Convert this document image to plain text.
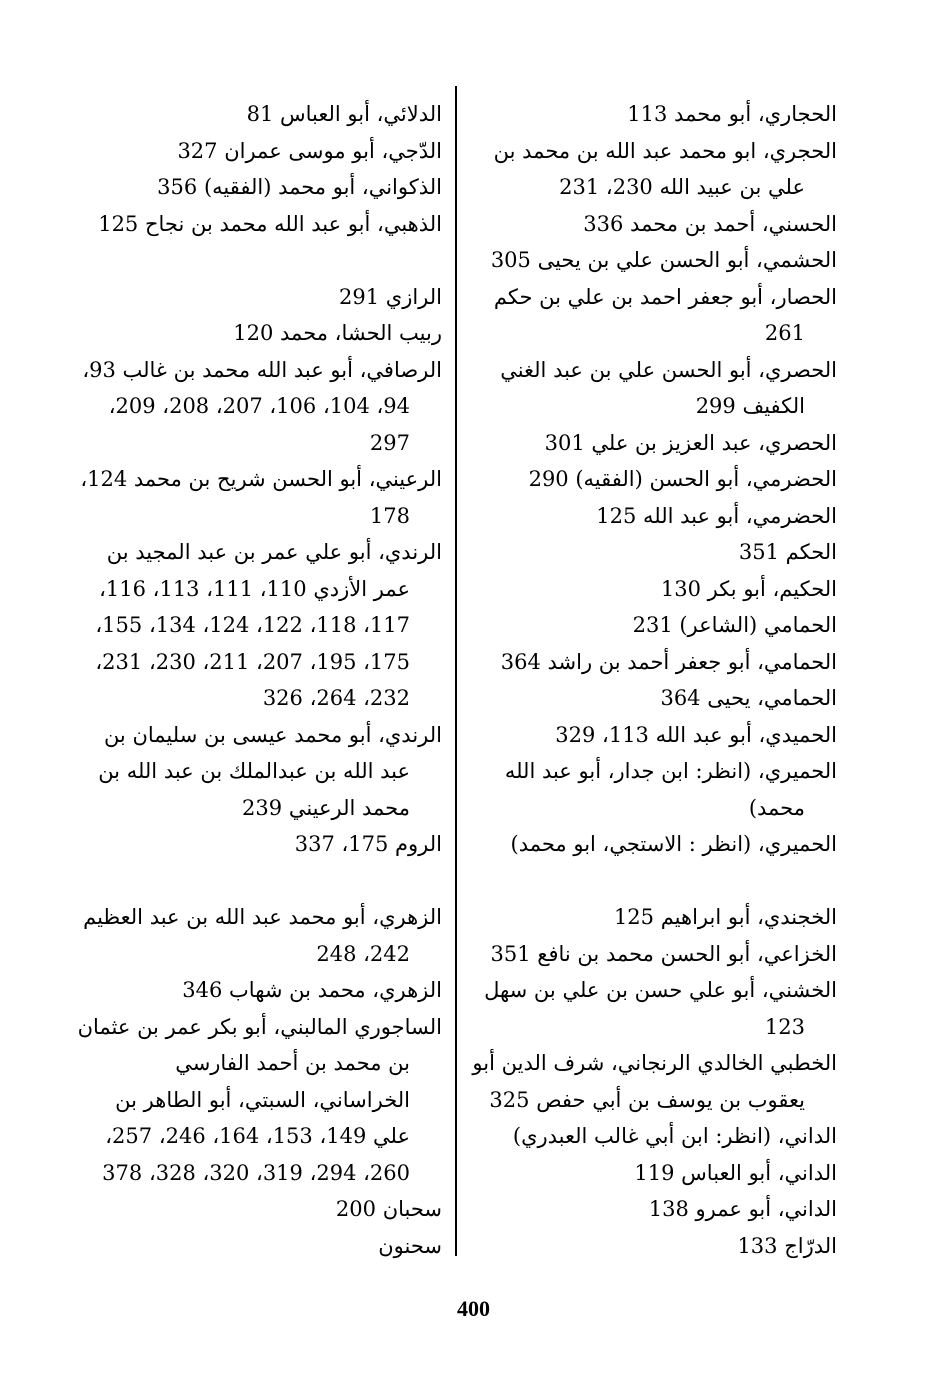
الحجاري، أبو محمد 113
الحجري، ابو محمد عبد الله بن محمد بن
علي بن عبيد الله 230، 231
الحسني، أحمد بن محمد 336
الحشمي، أبو الحسن علي بن يحيى 305
الحصار، أبو جعفر احمد بن علي بن حكم
261
الحصري، أبو الحسن علي بن عبد الغني
الكفيف 299
الحصري، عبد العزيز بن علي 301
الحضرمي، أبو الحسن (الفقيه) 290
الحضرمي، أبو عبد الله 125
الحكم 351
الحكيم، أبو بكر 130
الحمامي (الشاعر) 231
الحمامي، أبو جعفر أحمد بن راشد 364
الحمامي، يحيى 364
الحميدي، أبو عبد الله 113، 329
الحميري، (انظر: ابن جدار، أبو عبد الله
محمد)
الحميري، (انظر : الاستجي، ابو محمد)
الخجندي، أبو ابراهيم 125
الخزاعي، أبو الحسن محمد بن نافع 351
الخشني، أبو علي حسن بن علي بن سهل
123
الخطبي الخالدي الرنجاني، شرف الدين أبو
يعقوب بن يوسف بن أبي حفص 325
الداني، (انظر: ابن أبي غالب العبدري)
الداني، أبو العباس 119
الداني، أبو عمرو 138
الدرّاج 133
الدلائي، أبو العباس 81
الدّجي، أبو موسى عمران 327
الذكواني، أبو محمد (الفقيه) 356
الذهبي، أبو عبد الله محمد بن نجاح 125
الرازي 291
ربيب الحشا، محمد 120
الرصافي، أبو عبد الله محمد بن غالب 93،
94، 104، 106، 207، 208، 209،
297
الرعيني، أبو الحسن شريح بن محمد 124،
178
الرندي، أبو علي عمر بن عبد المجيد بن
عمر الأزدي 110، 111، 113، 116،
117، 118، 122، 124، 134، 155،
175، 195، 207، 211، 230، 231،
232، 264، 326
الرندي، أبو محمد عيسى بن سليمان بن
عبد الله بن عبدالملك بن عبد الله بن
محمد الرعيني 239
الروم 175، 337
الزهري، أبو محمد عبد الله بن عبد العظيم
242، 248
الزهري، محمد بن شهاب 346
الساجوري المالبني، أبو بكر عمر بن عثمان
بن محمد بن أحمد الفارسي
الخراساني، السبتي، أبو الطاهر بن
علي 149، 153، 164، 246، 257،
260، 294، 319، 320، 328، 378
سحبان 200
سحنون
400
